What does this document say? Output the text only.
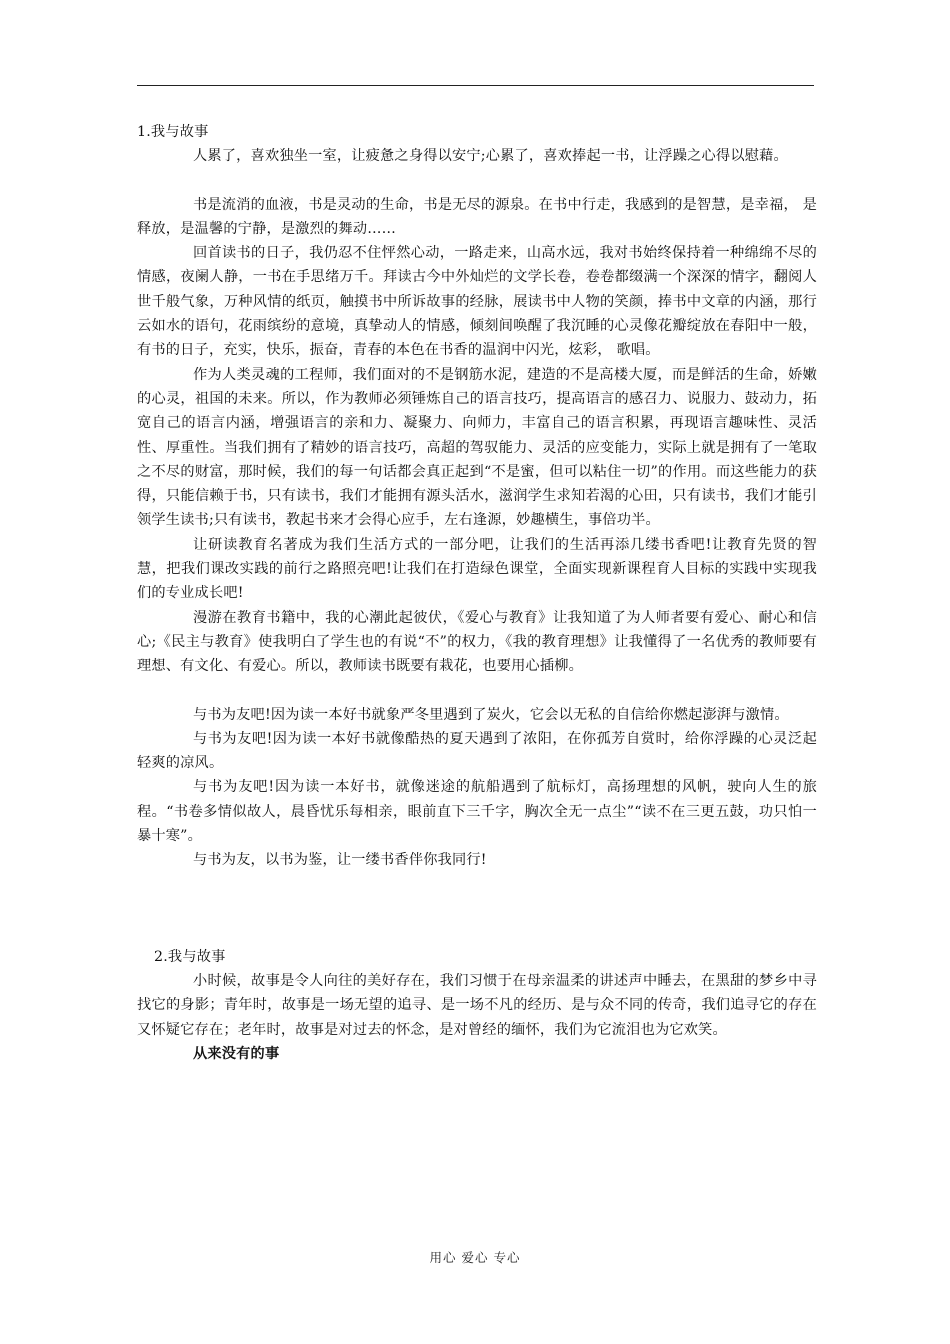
1.我与故事

人累了，喜欢独坐一室，让疲惫之身得以安宁;心累了，喜欢捧起一书，让浮躁之心得以慰藉。

书是流消的血液，书是灵动的生命，书是无尽的源泉。在书中行走，我感到的是智慧，是幸福， 是释放，是温馨的宁静，是激烈的舞动……

回首读书的日子，我仍忍不住怦然心动，一路走来，山高水远，我对书始终保持着一种绵绵不尽的情感，夜阑人静，一书在手思绪万千。拜读古今中外灿烂的文学长卷，卷卷都缀满一个深深的情字，翻阅人世千般气象，万种风情的纸页，触摸书中所诉故事的经脉，展读书中人物的笑颜，捧书中文章的内涵，那行云如水的语句，花雨缤纷的意境，真挚动人的情感，倾刻间唤醒了我沉睡的心灵像花瓣绽放在春阳中一般，有书的日子，充实，快乐，振奋，青春的本色在书香的温润中闪光，炫彩， 歌唱。

作为人类灵魂的工程师，我们面对的不是钢筋水泥，建造的不是高楼大厦，而是鲜活的生命，娇嫩的心灵，祖国的未来。所以，作为教师必须锤炼自己的语言技巧，提高语言的感召力、说服力、鼓动力，拓宽自己的语言内涵，增强语言的亲和力、凝聚力、向师力，丰富自己的语言积累，再现语言趣味性、灵活性、厚重性。当我们拥有了精妙的语言技巧，高超的驾驭能力、灵活的应变能力，实际上就是拥有了一笔取之不尽的财富，那时候，我们的每一句话都会真正起到“不是蜜，但可以粘住一切”的作用。而这些能力的获得，只能信赖于书，只有读书，我们才能拥有源头活水，滋润学生求知若渴的心田，只有读书，我们才能引领学生读书;只有读书，教起书来才会得心应手，左右逢源，妙趣横生，事倍功半。

让研读教育名著成为我们生活方式的一部分吧，让我们的生活再添几缕书香吧!让教育先贤的智慧，把我们课改实践的前行之路照亮吧!让我们在打造绿色课堂，全面实现新课程育人目标的实践中实现我们的专业成长吧!

漫游在教育书籍中，我的心潮此起彼伏，《爱心与教育》让我知道了为人师者要有爱心、耐心和信心;《民主与教育》使我明白了学生也的有说“不”的权力，《我的教育理想》让我懂得了一名优秀的教师要有理想、有文化、有爱心。所以，教师读书既要有栽花，也要用心插柳。

与书为友吧!因为读一本好书就象严冬里遇到了炭火，它会以无私的自信给你燃起澎湃与激情。

与书为友吧!因为读一本好书就像酷热的夏天遇到了浓阳，在你孤芳自赏时，给你浮躁的心灵泛起轻爽的凉风。

与书为友吧!因为读一本好书，就像迷途的航船遇到了航标灯，高扬理想的风帆，驶向人生的旅程。“书卷多情似故人，晨昏忧乐每相亲，眼前直下三千字，胸次全无一点尘”“读不在三更五鼓，功只怕一暴十寒”。

与书为友，以书为鉴，让一缕书香伴你我同行!

2.我与故事

小时候，故事是令人向往的美好存在，我们习惯于在母亲温柔的讲述声中睡去，在黑甜的梦乡中寻找它的身影；青年时，故事是一场无望的追寻、是一场不凡的经历、是与众不同的传奇，我们追寻它的存在又怀疑它存在；老年时，故事是对过去的怀念，是对曾经的缅怀，我们为它流泪也为它欢笑。

从来没有的事

用心 爱心 专心
